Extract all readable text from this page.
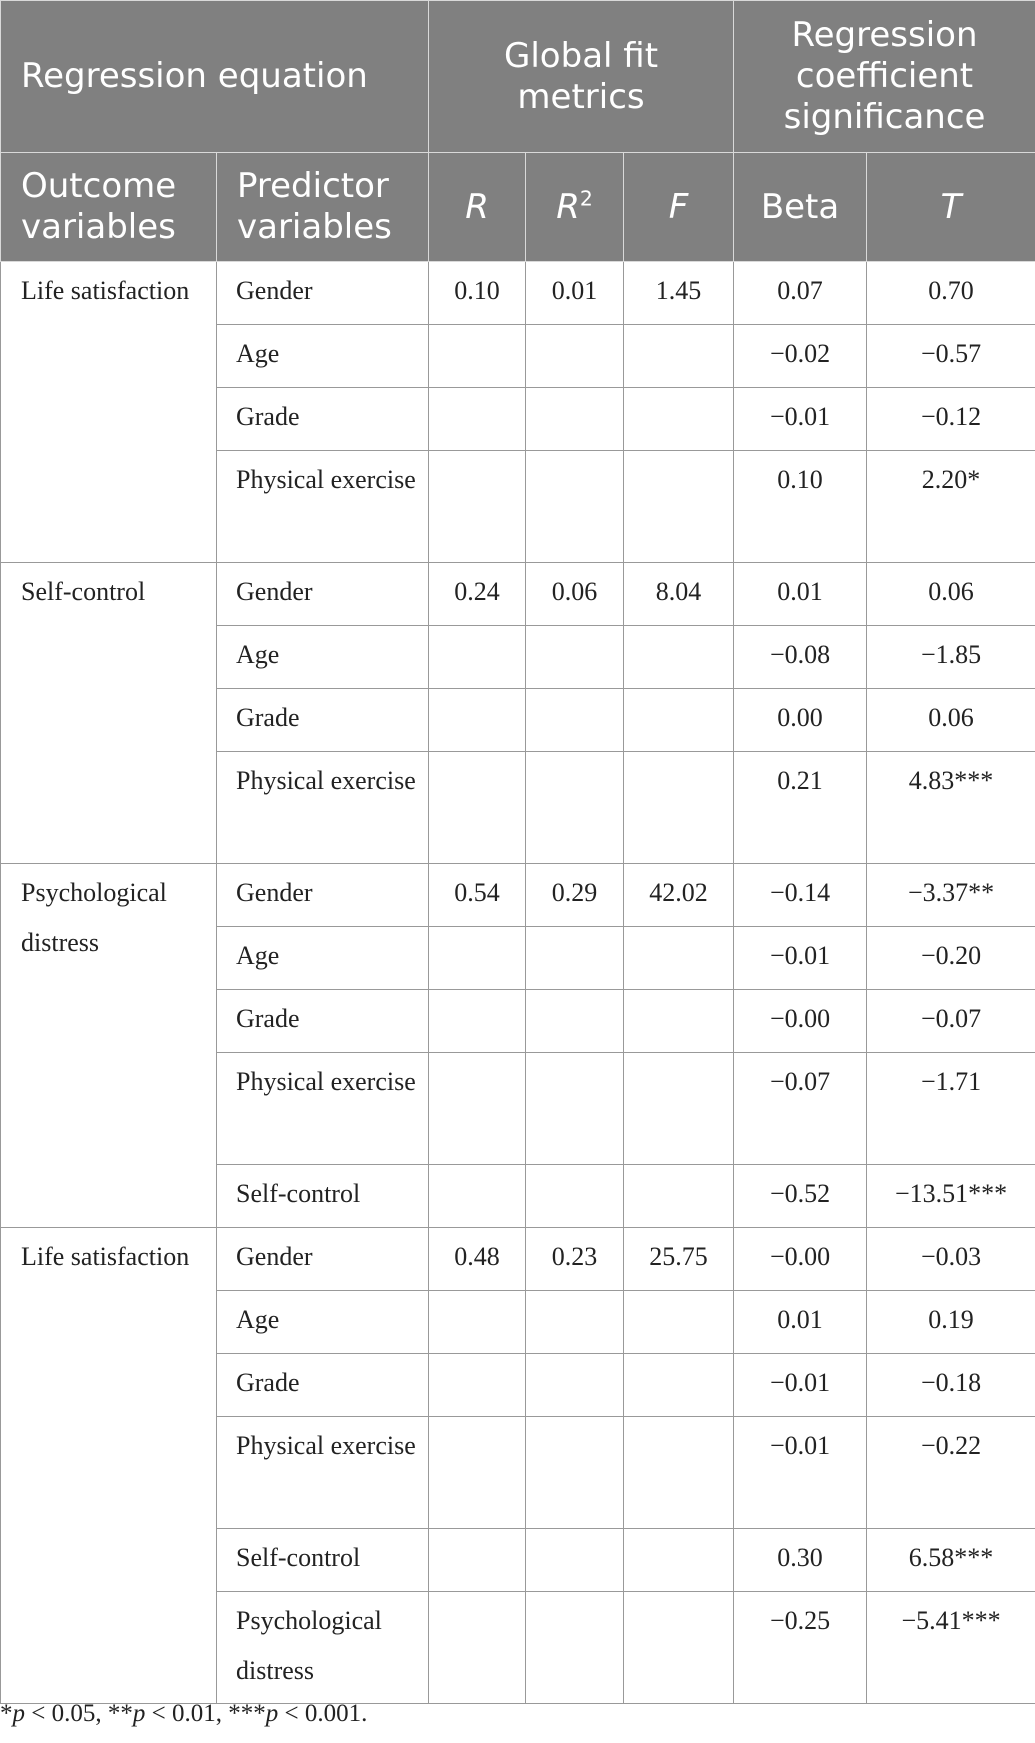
Regression equation		Global fit metrics			Regression coefficient significance	
Outcome variables	Predictor variables	R	$R^2$	F	Beta	T
Life satisfaction	Gender	0.10	0.01	1.45	0.07	0.70
	Age				−0.02	−0.57
	Grade				−0.01	−0.12
	Physical exercise				0.10	2.20*
Self-control	Gender	0.24	0.06	8.04	0.01	0.06
	Age				−0.08	−1.85
	Grade				0.00	0.06
	Physical exercise				0.21	4.83***
Psychological distress	Gender	0.54	0.29	42.02	−0.14	−3.37**
	Age				−0.01	−0.20
	Grade				−0.00	−0.07
	Physical exercise				−0.07	−1.71
	Self-control				−0.52	−13.51***
Life satisfaction	Gender	0.48	0.23	25.75	−0.00	−0.03
	Age				0.01	0.19
	Grade				−0.01	−0.18
	Physical exercise				−0.01	−0.22
	Self-control				0.30	6.58***
	Psychological distress				−0.25	−5.41***
*p < 0.05, **p < 0.01, ***p < 0.001.
